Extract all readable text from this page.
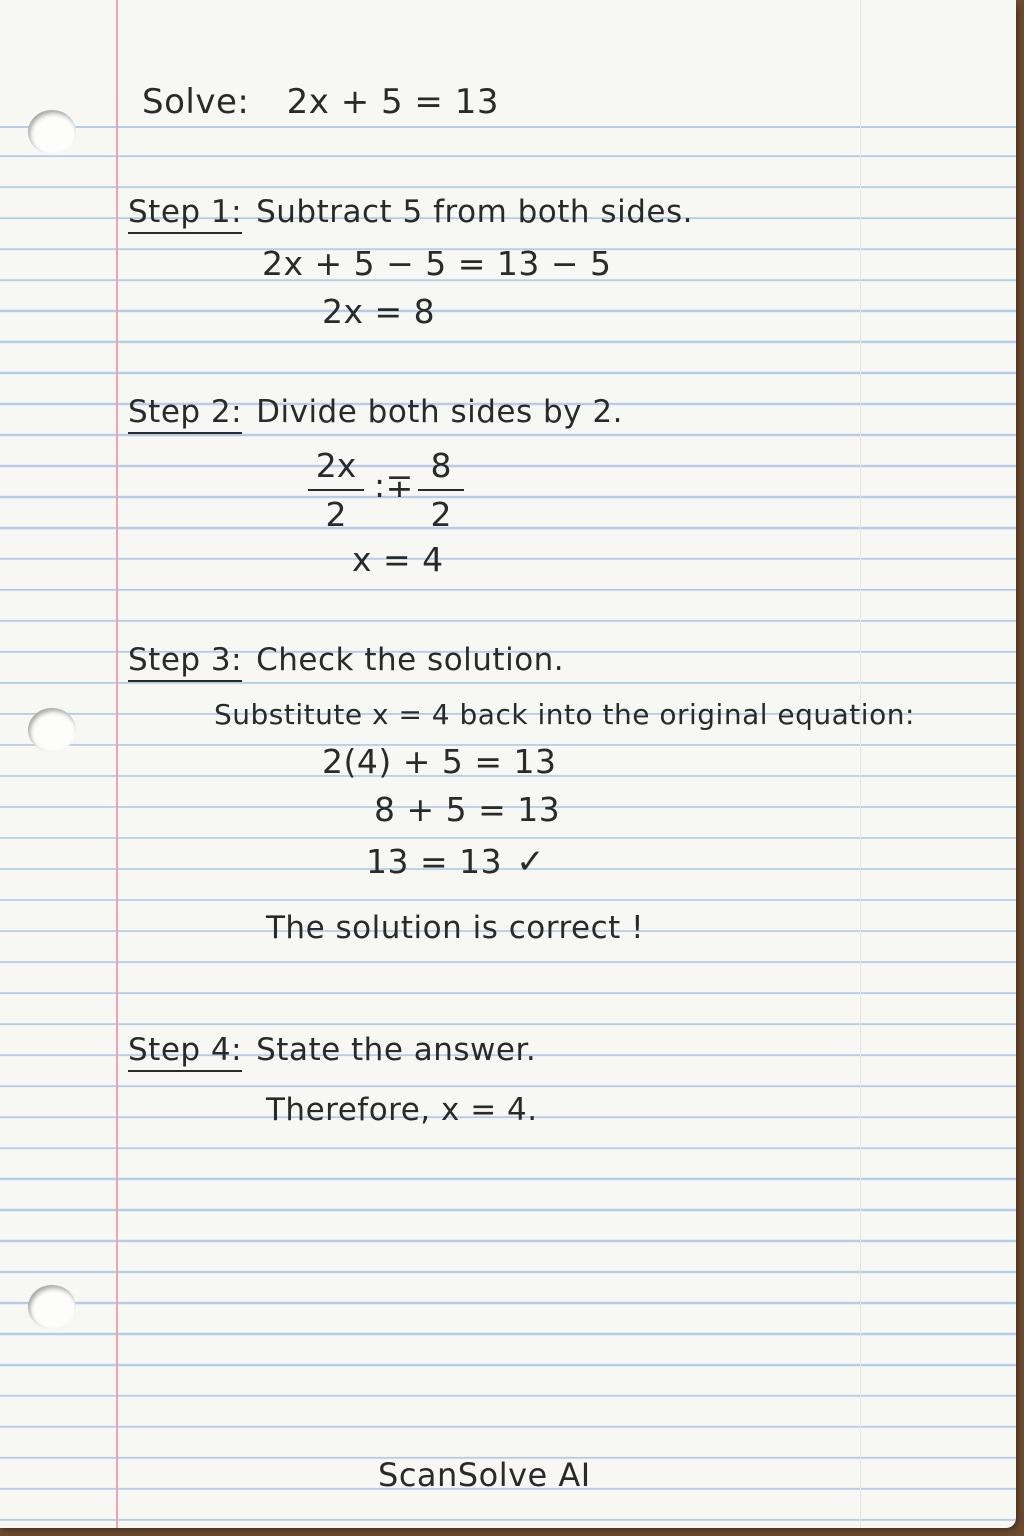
Solve: 2x + 5 = 13
Step 1: Subtract 5 from both sides.
2x + 5 − 5 = 13 − 5
2x = 8
Step 2: Divide both sides by 2.
2x
2
:∓
8
2
x = 4
Step 3: Check the solution.
Substitute x = 4 back into the original equation:
2(4) + 5 = 13
8 + 5 = 13
13 = 13 ✓
The solution is correct !
Step 4: State the answer.
Therefore, x = 4.
ScanSolve AI
